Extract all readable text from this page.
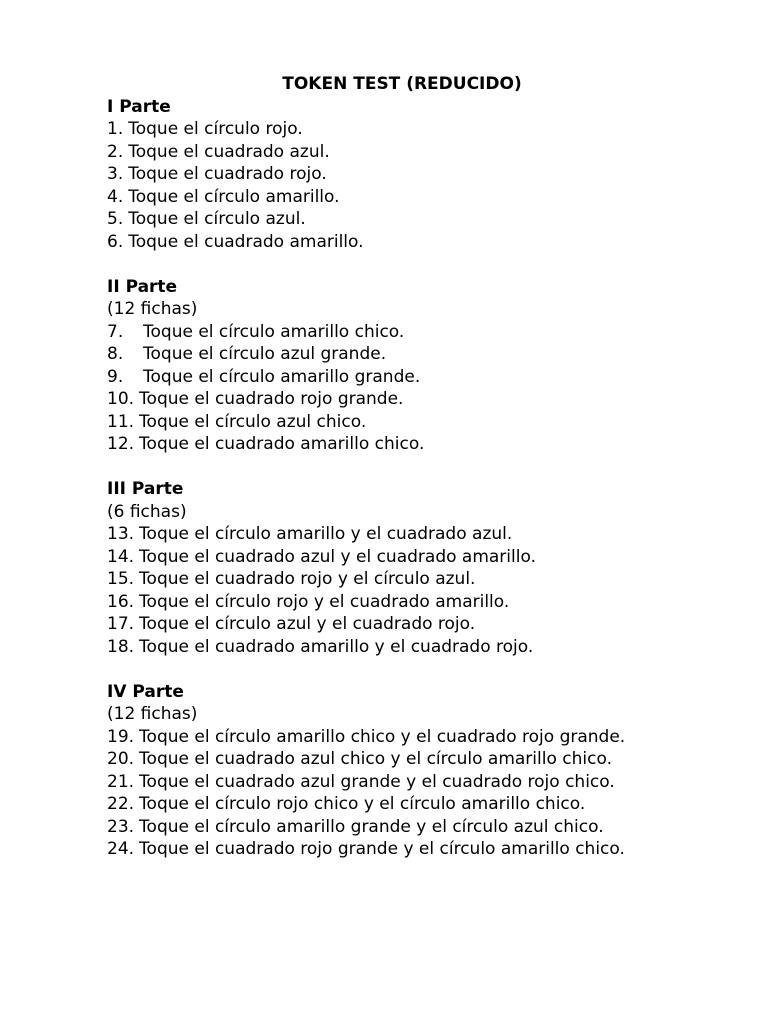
TOKEN TEST (REDUCIDO)
I Parte
1. Toque el círculo rojo.
2. Toque el cuadrado azul.
3. Toque el cuadrado rojo.
4. Toque el círculo amarillo.
5. Toque el círculo azul.
6. Toque el cuadrado amarillo.
II Parte
(12 fichas)
7.	Toque el círculo amarillo chico.
8.	Toque el círculo azul grande.
9.	Toque el círculo amarillo grande.
10. Toque el cuadrado rojo grande.
11. Toque el círculo azul chico.
12. Toque el cuadrado amarillo chico.
III Parte
(6 fichas)
13. Toque el círculo amarillo y el cuadrado azul.
14. Toque el cuadrado azul y el cuadrado amarillo.
15. Toque el cuadrado rojo y el círculo azul.
16. Toque el círculo rojo y el cuadrado amarillo.
17. Toque el círculo azul y el cuadrado rojo.
18. Toque el cuadrado amarillo y el cuadrado rojo.
IV Parte
(12 fichas)
19. Toque el círculo amarillo chico y el cuadrado rojo grande.
20. Toque el cuadrado azul chico y el círculo amarillo chico.
21. Toque el cuadrado azul grande y el cuadrado rojo chico.
22. Toque el círculo rojo chico y el círculo amarillo chico.
23. Toque el círculo amarillo grande y el círculo azul chico.
24. Toque el cuadrado rojo grande y el círculo amarillo chico.
